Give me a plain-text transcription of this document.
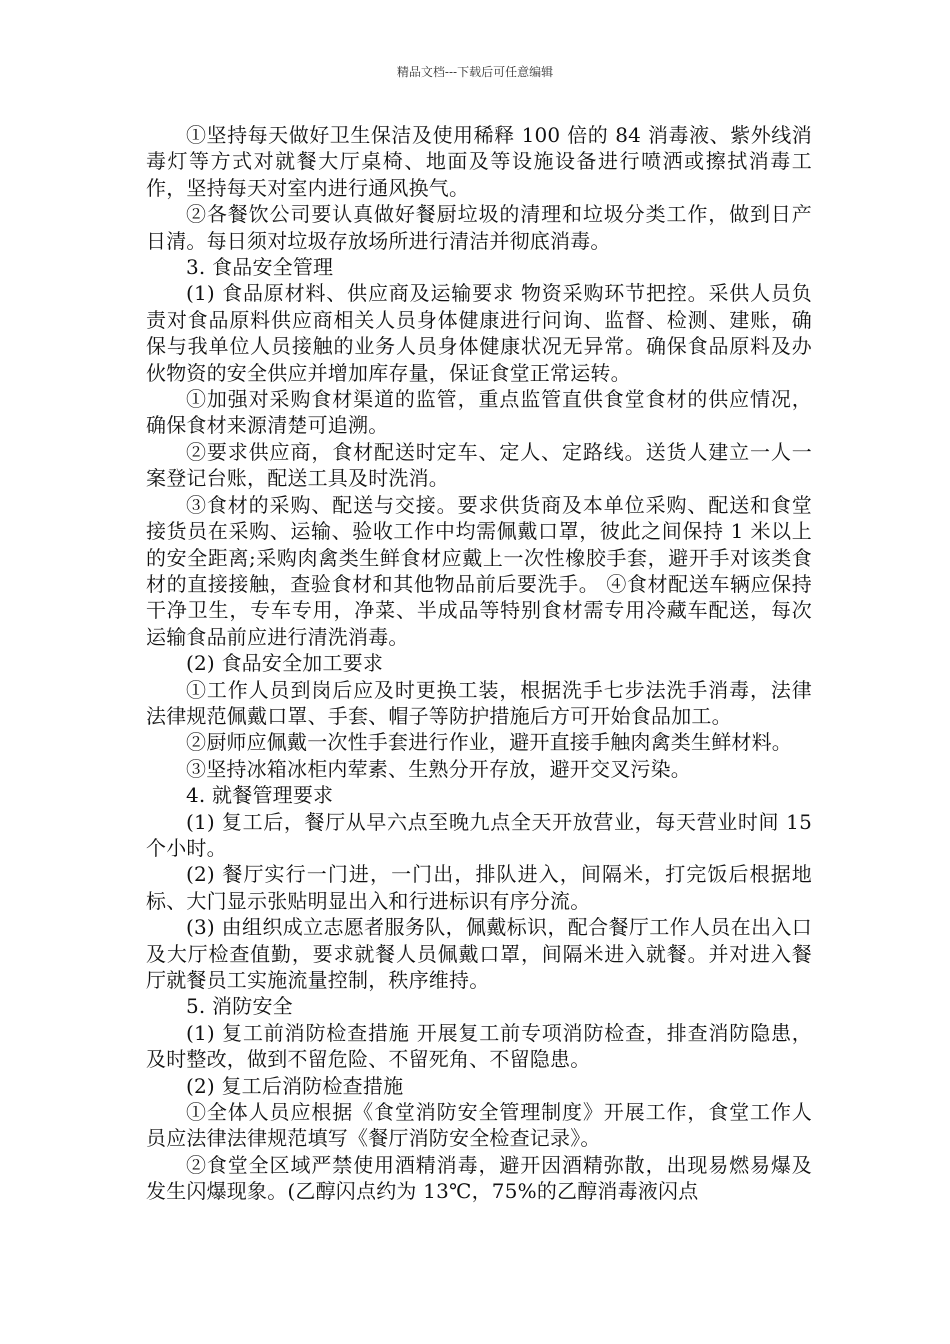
精品文档---下载后可任意编辑

①坚持每天做好卫生保洁及使用稀释 100 倍的 84 消毒液、紫外线消毒灯等方式对就餐大厅桌椅、地面及等设施设备进行喷洒或擦拭消毒工作，坚持每天对室内进行通风换气。

②各餐饮公司要认真做好餐厨垃圾的清理和垃圾分类工作，做到日产日清。每日须对垃圾存放场所进行清洁并彻底消毒。

3. 食品安全管理

(1) 食品原材料、供应商及运输要求 物资采购环节把控。采供人员负责对食品原料供应商相关人员身体健康进行问询、监督、检测、建账，确保与我单位人员接触的业务人员身体健康状况无异常。确保食品原料及办伙物资的安全供应并增加库存量，保证食堂正常运转。

①加强对采购食材渠道的监管，重点监管直供食堂食材的供应情况，确保食材来源清楚可追溯。

②要求供应商，食材配送时定车、定人、定路线。送货人建立一人一案登记台账，配送工具及时洗消。

③食材的采购、配送与交接。要求供货商及本单位采购、配送和食堂接货员在采购、运输、验收工作中均需佩戴口罩，彼此之间保持 1 米以上的安全距离;采购肉禽类生鲜食材应戴上一次性橡胶手套，避开手对该类食材的直接接触，查验食材和其他物品前后要洗手。 ④食材配送车辆应保持干净卫生，专车专用，净菜、半成品等特别食材需专用冷藏车配送，每次运输食品前应进行清洗消毒。

(2) 食品安全加工要求

①工作人员到岗后应及时更换工装，根据洗手七步法洗手消毒，法律法律规范佩戴口罩、手套、帽子等防护措施后方可开始食品加工。

②厨师应佩戴一次性手套进行作业，避开直接手触肉禽类生鲜材料。

③坚持冰箱冰柜内荤素、生熟分开存放，避开交叉污染。

4. 就餐管理要求

(1) 复工后，餐厅从早六点至晚九点全天开放营业，每天营业时间 15 个小时。

(2) 餐厅实行一门进，一门出，排队进入，间隔米，打完饭后根据地标、大门显示张贴明显出入和行进标识有序分流。

(3) 由组织成立志愿者服务队，佩戴标识，配合餐厅工作人员在出入口及大厅检查值勤，要求就餐人员佩戴口罩，间隔米进入就餐。并对进入餐厅就餐员工实施流量控制，秩序维持。

5. 消防安全

(1) 复工前消防检查措施 开展复工前专项消防检查，排查消防隐患，及时整改，做到不留危险、不留死角、不留隐患。

(2) 复工后消防检查措施

①全体人员应根据《食堂消防安全管理制度》开展工作，食堂工作人员应法律法律规范填写《餐厅消防安全检查记录》。

②食堂全区域严禁使用酒精消毒，避开因酒精弥散，出现易燃易爆及发生闪爆现象。(乙醇闪点约为 13℃，75%的乙醇消毒液闪点
